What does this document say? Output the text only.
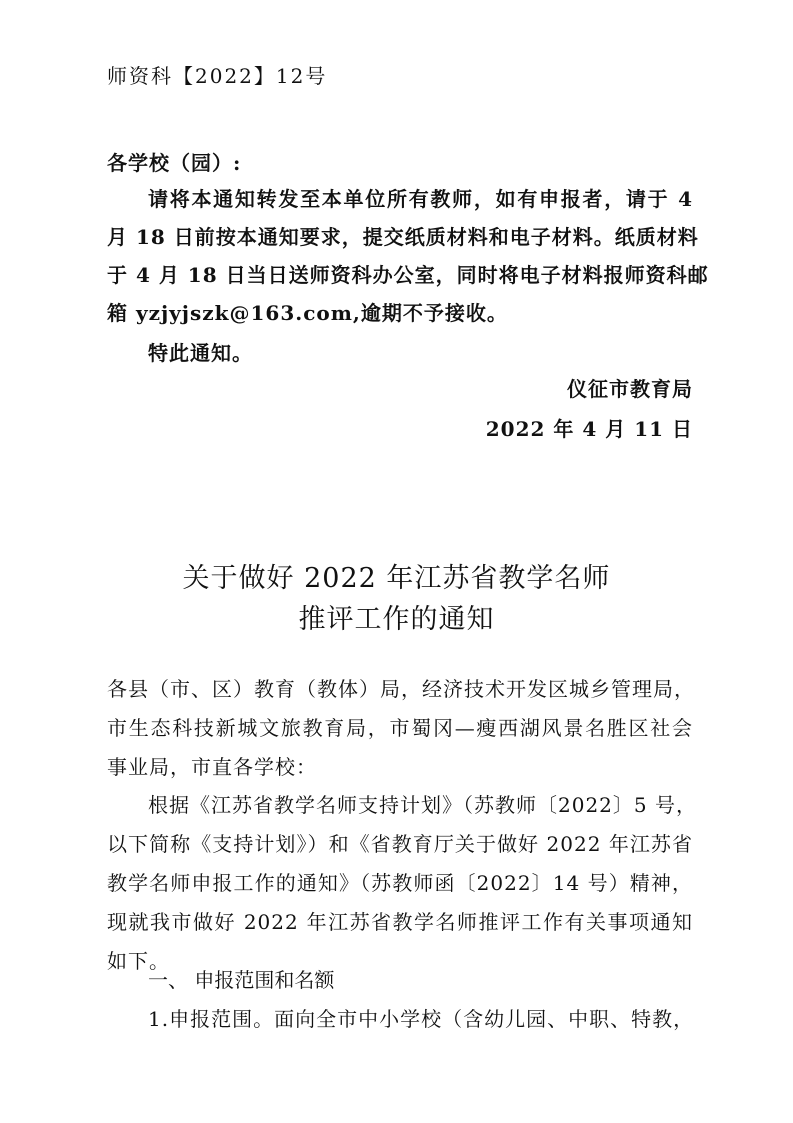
师资科【2022】12号
各学校（园）:
请将本通知转发至本单位所有教师，如有申报者，请于 4
月 18 日前按本通知要求，提交纸质材料和电子材料。纸质材料
于 4 月 18 日当日送师资科办公室，同时将电子材料报师资科邮
箱 yzjyjszk@163.com,逾期不予接收。
特此通知。
仪征市教育局
2022 年 4 月 11 日
关于做好 2022 年江苏省教学名师
推评工作的通知
各县（市、区）教育（教体）局，经济技术开发区城乡管理局，
市生态科技新城文旅教育局，市蜀冈—瘦西湖风景名胜区社会
事业局，市直各学校：
根据《江苏省教学名师支持计划》（苏教师〔2022〕5 号，
以下简称《支持计划》）和《省教育厅关于做好 2022 年江苏省
教学名师申报工作的通知》（苏教师函〔2022〕14 号）精神，
现就我市做好 2022 年江苏省教学名师推评工作有关事项通知
如下。
一、 申报范围和名额
1.申报范围。面向全市中小学校（含幼儿园、中职、特教，
